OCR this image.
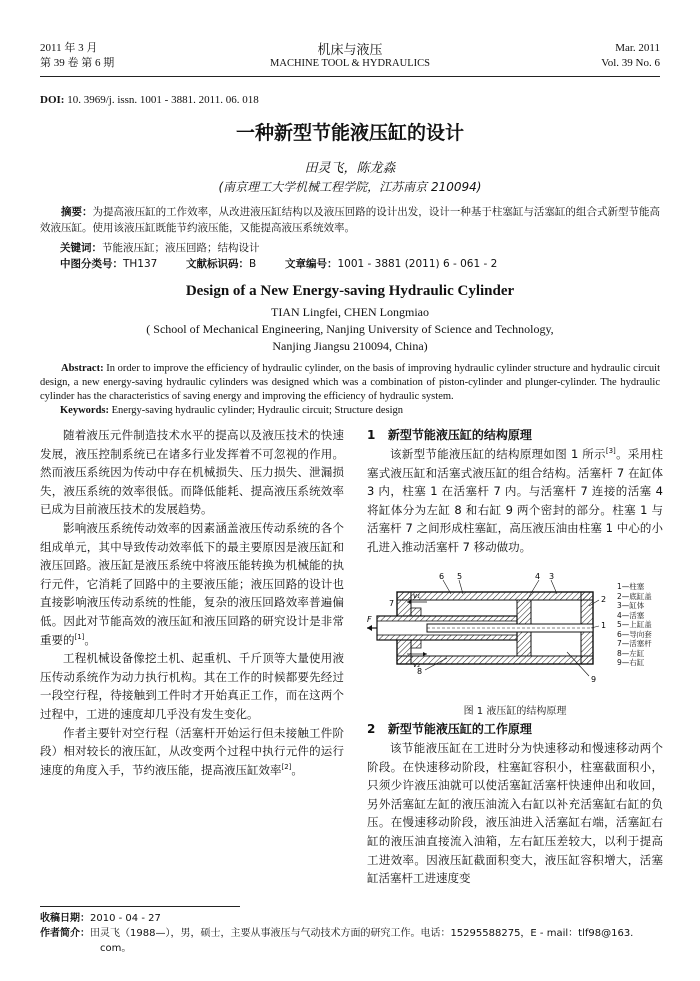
2011 年 3 月
第 39 卷 第 6 期
机床与液压
MACHINE TOOL & HYDRAULICS
Mar. 2011
Vol. 39 No. 6
DOI: 10. 3969/j. issn. 1001 - 3881. 2011. 06. 018
一种新型节能液压缸的设计
田灵飞，陈龙淼
(南京理工大学机械工程学院，江苏南京 210094)
摘要：为提高液压缸的工作效率，从改进液压缸结构以及液压回路的设计出发，设计一种基于柱塞缸与活塞缸的组合式新型节能高效液压缸。使用该液压缸既能节约液压能，又能提高液压系统效率。
关键词：节能液压缸；液压回路；结构设计
中图分类号：TH137	文献标识码：B	文章编号：1001 - 3881 (2011) 6 - 061 - 2
Design of a New Energy-saving Hydraulic Cylinder
TIAN Lingfei, CHEN Longmiao
( School of Mechanical Engineering, Nanjing University of Science and Technology,
Nanjing Jiangsu 210094, China)
Abstract: In order to improve the efficiency of hydraulic cylinder, on the basis of improving hydraulic cylinder structure and hydraulic circuit design, a new energy-saving hydraulic cylinders was designed which was a combination of piston-cylinder and plunger-cylinder. The hydraulic cylinder has the characteristics of saving energy and improving the efficiency of hydraulic system.
Keywords: Energy-saving hydraulic cylinder; Hydraulic circuit; Structure design

随着液压元件制造技术水平的提高以及液压技术的快速发展，液压控制系统已在诸多行业发挥着不可忽视的作用。然而液压系统因为传动中存在机械损失、压力损失、泄漏损失，液压系统的效率很低。而降低能耗、提高液压系统效率已成为目前液压技术的发展趋势。

影响液压系统传动效率的因素涵盖液压传动系统的各个组成单元，其中导致传动效率低下的最主要原因是液压缸和液压回路。液压缸是液压系统中将液压能转换为机械能的执行元件，它消耗了回路中的主要液压能；液压回路的设计也直接影响液压传动系统的性能，复杂的液压回路效率普遍偏低。因此对节能高效的液压缸和液压回路的研究设计是非常重要的[1]。

工程机械设备像挖土机、起重机、千斤顶等大量使用液压传动系统作为动力执行机构。其在工作的时候都要先经过一段空行程，待接触到工件时才开始真正工作，而在这两个过程中，工进的速度却几乎没有发生变化。

作者主要针对空行程（活塞杆开始运行但未接触工件阶段）相对较长的液压缸，从改变两个过程中执行元件的运行速度的角度入手，节约液压能，提高液压缸效率[2]。

1 新型节能液压缸的结构原理

该新型节能液压缸的结构原理如图 1 所示[3]。采用柱塞式液压缸和活塞式液压缸的组合结构。活塞杆 7 在缸体 3 内，柱塞 1 在活塞杆 7 内。与活塞杆 7 连接的活塞 4 将缸体分为左缸 8 和右缸 9 两个密封的部分。柱塞 1 与活塞杆 7 之间形成柱塞缸，高压液压油由柱塞 1 中心的小孔进入推动活塞杆 7 移动做功。

6 5	4 3
7	2
1
8
9
F
v₁
v₂
1—柱塞
2—底缸盖
3—缸体
4—活塞
5—上缸盖
6—导向套
7—活塞杆
8—左缸
9—右缸
图 1 液压缸的结构原理
2 新型节能液压缸的工作原理

该节能液压缸在工进时分为快速移动和慢速移动两个阶段。在快速移动阶段，柱塞缸容积小，柱塞截面积小，只须少许液压油就可以使活塞缸活塞杆快速伸出和收回，另外活塞缸左缸的液压油流入右缸以补充活塞缸右缸的负压。在慢速移动阶段，液压油进入活塞缸右端，活塞缸右缸的液压油直接流入油箱，左右缸压差较大，以利于提高工进效率。因液压缸截面积变大，液压缸容积增大，活塞缸活塞杆工进速度变

收稿日期：2010 - 04 - 27
作者简介：田灵飞（1988—），男，硕士，主要从事液压与气动技术方面的研究工作。电话：15295588275，E - mail：tlf98@163. com。
